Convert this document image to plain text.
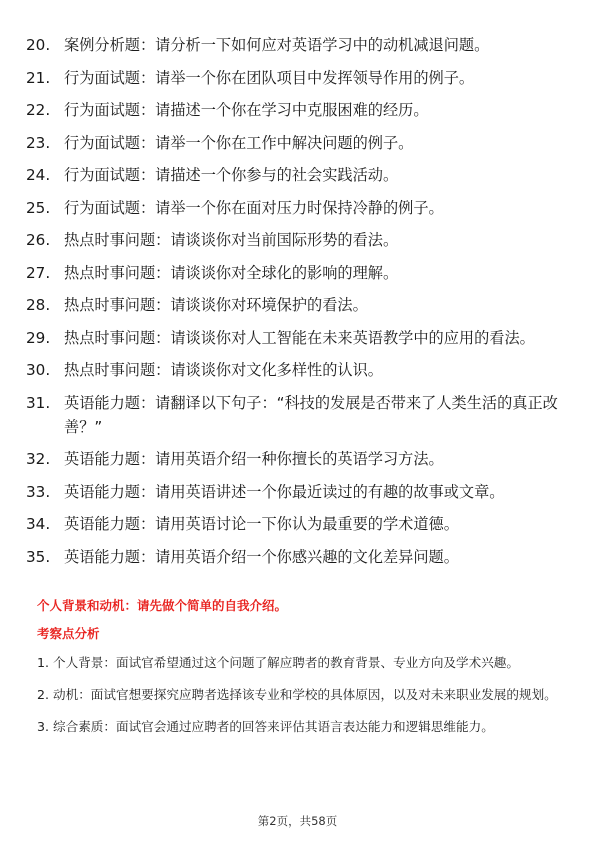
20. 案例分析题：请分析一下如何应对英语学习中的动机减退问题。
21. 行为面试题：请举一个你在团队项目中发挥领导作用的例子。
22. 行为面试题：请描述一个你在学习中克服困难的经历。
23. 行为面试题：请举一个你在工作中解决问题的例子。
24. 行为面试题：请描述一个你参与的社会实践活动。
25. 行为面试题：请举一个你在面对压力时保持冷静的例子。
26. 热点时事问题：请谈谈你对当前国际形势的看法。
27. 热点时事问题：请谈谈你对全球化的影响的理解。
28. 热点时事问题：请谈谈你对环境保护的看法。
29. 热点时事问题：请谈谈你对人工智能在未来英语教学中的应用的看法。
30. 热点时事问题：请谈谈你对文化多样性的认识。
31. 英语能力题：请翻译以下句子：“科技的发展是否带来了人类生活的真正改善？”
32. 英语能力题：请用英语介绍一种你擅长的英语学习方法。
33. 英语能力题：请用英语讲述一个你最近读过的有趣的故事或文章。
34. 英语能力题：请用英语讨论一下你认为最重要的学术道德。
35. 英语能力题：请用英语介绍一个你感兴趣的文化差异问题。
个人背景和动机：请先做个简单的自我介绍。
考察点分析
1. 个人背景：面试官希望通过这个问题了解应聘者的教育背景、专业方向及学术兴趣。
2. 动机：面试官想要探究应聘者选择该专业和学校的具体原因，以及对未来职业发展的规划。
3. 综合素质：面试官会通过应聘者的回答来评估其语言表达能力和逻辑思维能力。
第2页，共58页
